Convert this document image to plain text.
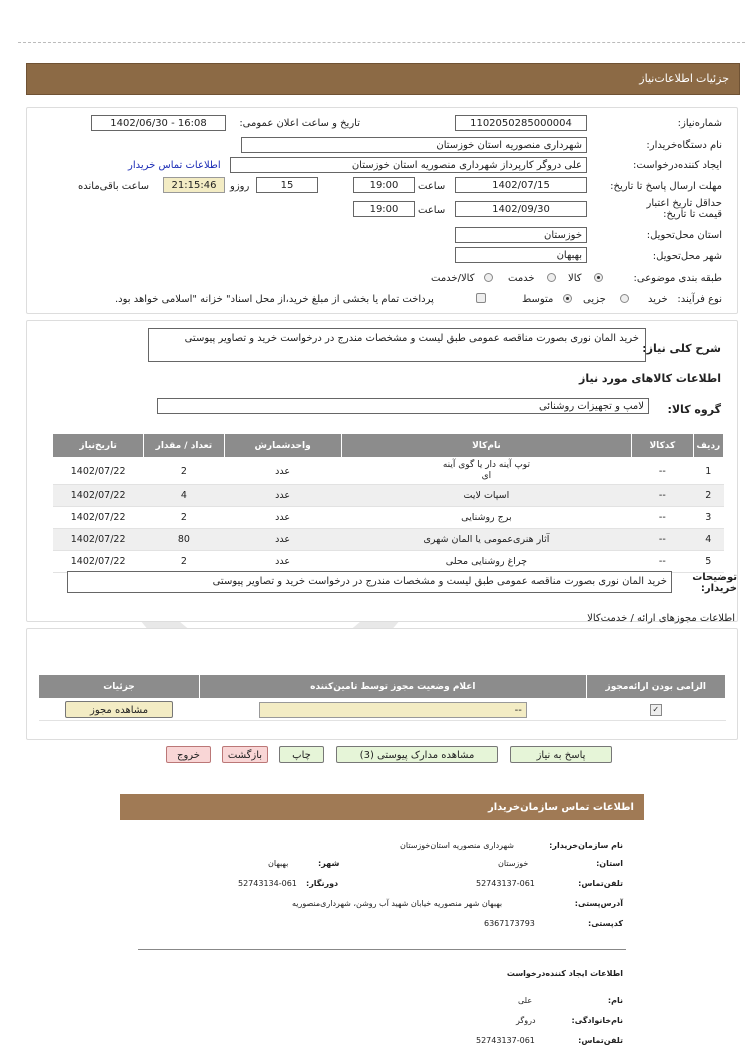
جزئیات
اطلاعات‌نیاز
شماره‌نیاز:
1102050285000004
تاریخ و ساعت اعلان عمومی:
1402/06/30 - 16:08
نام دستگاه‌خریدار:
شهرداری منصوریه استان خوزستان
ایجاد کننده‌درخواست:
علی دروگر کارپرداز شهرداری منصوریه استان خوزستان
اطلاعات تماس خریدار
مهلت ارسال پاسخ تا تاریخ:
1402/07/15
ساعت
19:00
15
روزو
21:15:46
ساعت باقی‌مانده
حداقل تاریخ اعتبار قیمت تا تاریخ:
1402/09/30
ساعت
19:00
استان محل‌تحویل:
خوزستان
شهر محل‌تحویل:
بهبهان
طبقه بندی موضوعی:
کالا
خدمت
کالا/خدمت
نوع فرآیند:
خرید
جزیی
متوسط
پرداخت تمام یا بخشی از مبلغ خرید،از محل اسناد" خزانه "اسلامی خواهد بود.
شرح کلی نیاز:
خرید المان نوری بصورت مناقصه عمومی طبق لیست و مشخصات مندرج در درخواست خرید و تصاویر پیوستی
اطلاعات کالاهای مورد نیاز
گروه کالا:
لامپ و تجهیزات روشنائی
ردیف	کدکالا	نام‌کالا	واحدشمارش	تعداد / مقدار	تاریخ‌نیاز
1	--	توپ آینه دار یا گوی آینه ای	عدد	2	1402/07/22
2	--	اسپات لایت	عدد	4	1402/07/22
3	--	برج روشنایی	عدد	2	1402/07/22
4	--	آثار هنری‌عمومی یا المان شهری	عدد	80	1402/07/22
5	--	چراغ روشنایی محلی	عدد	2	1402/07/22
توضیحات خریدار:
خرید المان نوری بصورت مناقصه عمومی طبق لیست و مشخصات مندرج در درخواست خرید و تصاویر پیوستی
اطلاعات مجوزهای ارائه / خدمت‌کالا
الزامی بودن ارائه‌مجوز	اعلام وضعیت مجوز توسط تامین‌کننده	جزئیات
✓	--	مشاهده مجوز
پاسخ به نیاز
مشاهده مدارک پیوستی (3)
چاپ
بازگشت
خروج
اطلاعات تماس سازمان‌خریدار
نام سازمان‌خریدار:
شهرداری منصوریه استان‌خوزستان
استان:
خوزستان
شهر:
بهبهان
تلفن‌تماس:
52743137-061
دورنگار:
52743134-061
آدرس‌پستی:
بهبهان شهر منصوریه خیابان شهید آب روشن، شهرداری‌منصوریه
کد‌پستی:
6367173793
اطلاعات ایجاد کننده‌درخواست
نام:
علی
نام‌خانوادگی:
دروگر
تلفن‌تماس:
52743137-061
